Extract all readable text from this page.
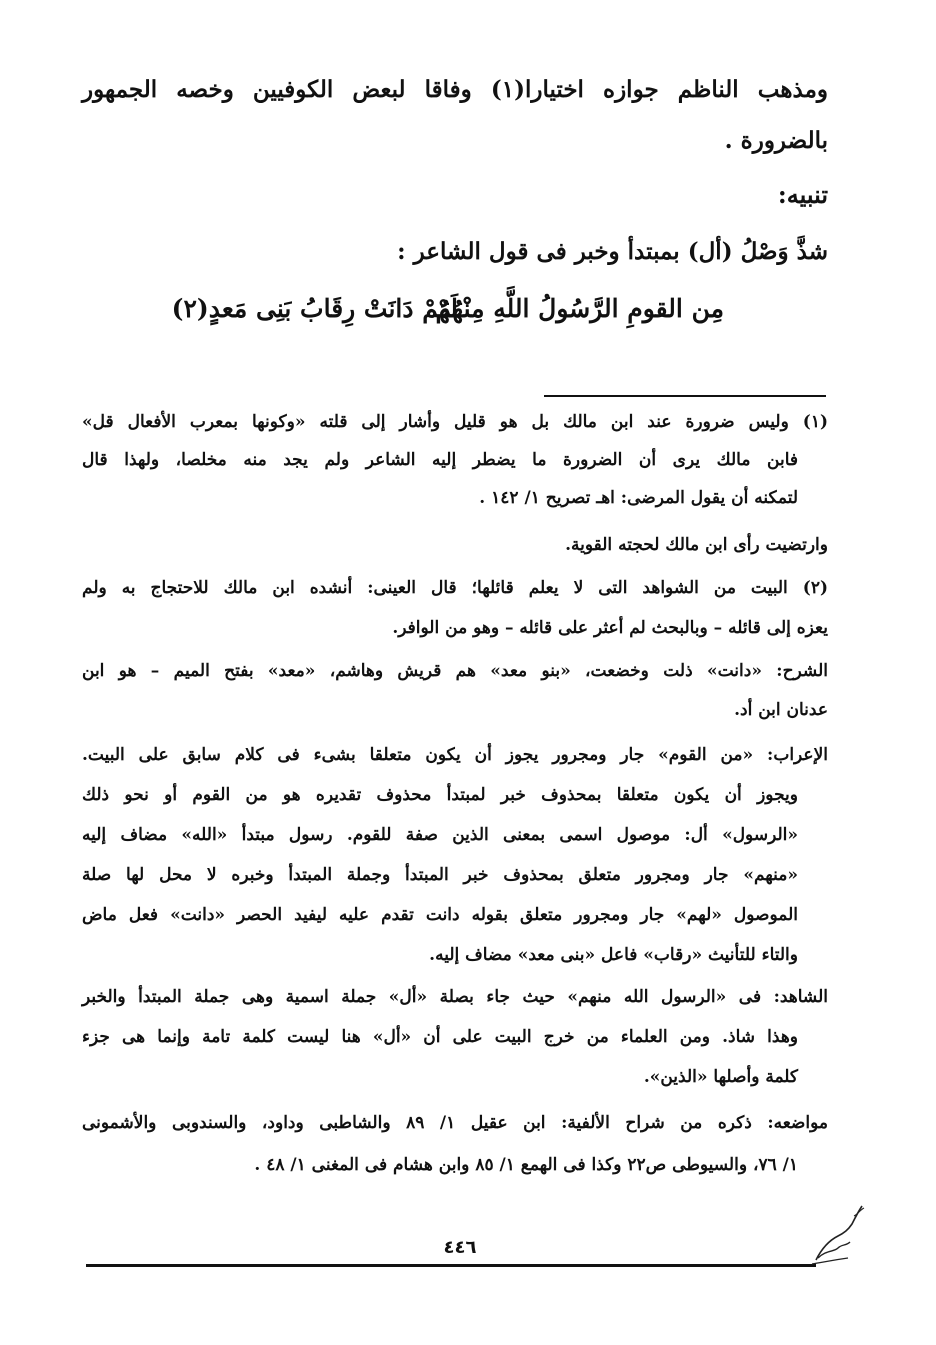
ومذهب الناظم جوازه اختيارا(١) وفاقا لبعض الكوفيين وخصه الجمهور
بالضرورة .
تنبيه:
شذَّ وَصْلُ (أل) بمبتدأ وخبر فى قول الشاعر :
مِن القومِ الرَّسُولُ اللَّهِ مِنْهُمْ
لَهُمْ دَانَتْ رِقَابُ بَنِى مَعدٍ(٢)
(١) وليس ضرورة عند ابن مالك بل هو قليل وأشار إلى قلته «وكونها بمعرب الأفعال قل»
فابن مالك يرى أن الضرورة ما يضطر إليه الشاعر ولم يجد منه مخلصا، ولهذا قال
لتمكنه أن يقول المرضى: اهـ تصريح ١/ ١٤٢ .
وارتضيت رأى ابن مالك لحجته القوية.
(٢) البيت من الشواهد التى لا يعلم قائلها؛ قال العينى: أنشده ابن مالك للاحتجاج به ولم
يعزه إلى قائله – وبالبحث لم أعثر على قائله – وهو من الوافر.
الشرح: «دانت» ذلت وخضعت، «بنو معد» هم قريش وهاشم، «معد» بفتح الميم – هو ابن
عدنان ابن أد.
الإعراب: «من القوم» جار ومجرور يجوز أن يكون متعلقا بشىء فى كلام سابق على البيت.
ويجوز أن يكون متعلقا بمحذوف خبر لمبتدأ محذوف تقديره هو من القوم أو نحو ذلك
«الرسول» أل: موصول اسمى بمعنى الذين صفة للقوم. رسول مبتدأ «الله» مضاف إليه
«منهم» جار ومجرور متعلق بمحذوف خبر المبتدأ وجملة المبتدأ وخبره لا محل لها صلة
الموصول «لهم» جار ومجرور متعلق بقوله دانت تقدم عليه ليفيد الحصر «دانت» فعل ماض
والتاء للتأنيث «رقاب» فاعل «بنى معد» مضاف إليه.
الشاهد: فى «الرسول الله منهم» حيث جاء بصلة «أل» جملة اسمية وهى جملة المبتدأ والخبر
وهذا شاذ. ومن العلماء من خرج البيت على أن «أل» هنا ليست كلمة تامة وإنما هى جزء
كلمة وأصلها «الذين».
مواضعه: ذكره من شراح الألفية: ابن عقيل ١/ ٨٩ والشاطبى وداود، والسندوبى والأشمونى
١/ ٧٦، والسيوطى ص٢٢ وكذا فى الهمع ١/ ٨٥ وابن هشام فى المغنى ١/ ٤٨ .
٤٤٦
